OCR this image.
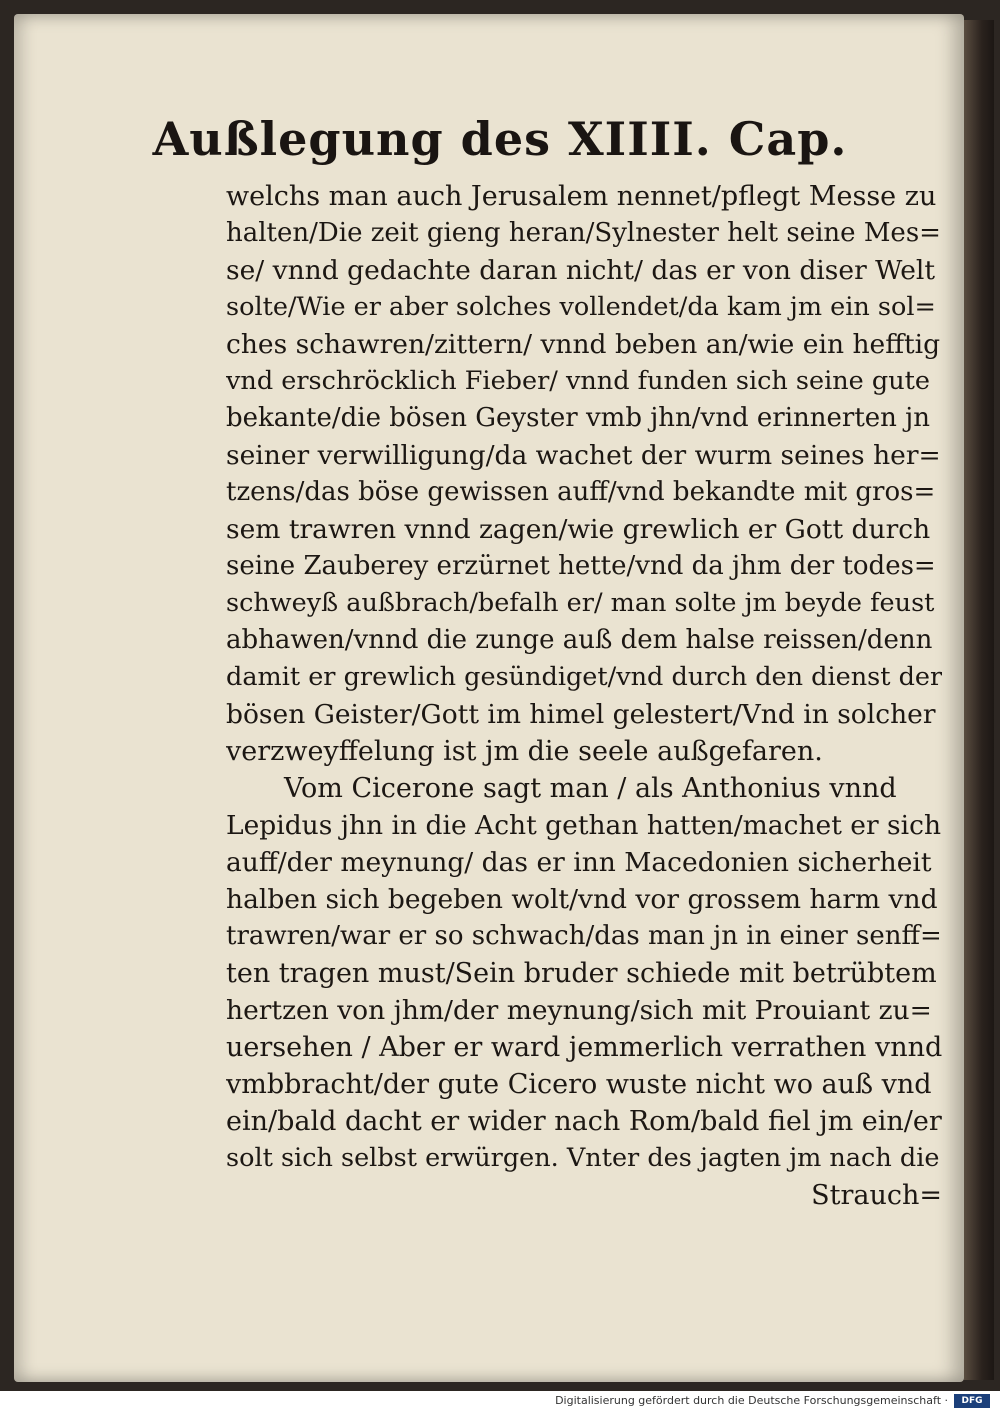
Außlegung des XIIII. Cap.
welchs man auch Jerusalem nennet/pflegt Messe zu
halten/Die zeit gieng heran/Sylnester helt seine Mes=
se/ vnnd gedachte daran nicht/ das er von diser Welt
solte/Wie er aber solches vollendet/da kam jm ein sol=
ches schawren/zittern/ vnnd beben an/wie ein hefftig
vnd erschröcklich Fieber/ vnnd funden sich seine gute
bekante/die bösen Geyster vmb jhn/vnd erinnerten jn
seiner verwilligung/da wachet der wurm seines her=
tzens/das böse gewissen auff/vnd bekandte mit gros=
sem trawren vnnd zagen/wie grewlich er Gott durch
seine Zauberey erzürnet hette/vnd da jhm der todes=
schweyß außbrach/befalh er/ man solte jm beyde feust
abhawen/vnnd die zunge auß dem halse reissen/denn
damit er grewlich gesündiget/vnd durch den dienst der
bösen Geister/Gott im himel gelestert/Vnd in solcher
verzweyffelung ist jm die seele außgefaren.
Vom Cicerone sagt man / als Anthonius vnnd
Lepidus jhn in die Acht gethan hatten/machet er sich
auff/der meynung/ das er inn Macedonien sicherheit
halben sich begeben wolt/vnd vor grossem harm vnd
trawren/war er so schwach/das man jn in einer senff=
ten tragen must/Sein bruder schiede mit betrübtem
hertzen von jhm/der meynung/sich mit Prouiant zu=
uersehen / Aber er ward jemmerlich verrathen vnnd
vmbbracht/der gute Cicero wuste nicht wo auß vnd
ein/bald dacht er wider nach Rom/bald fiel jm ein/er
solt sich selbst erwürgen. Vnter des jagten jm nach die
Strauch=
Digitalisierung gefördert durch die Deutsche Forschungsgemeinschaft ·	DFG
